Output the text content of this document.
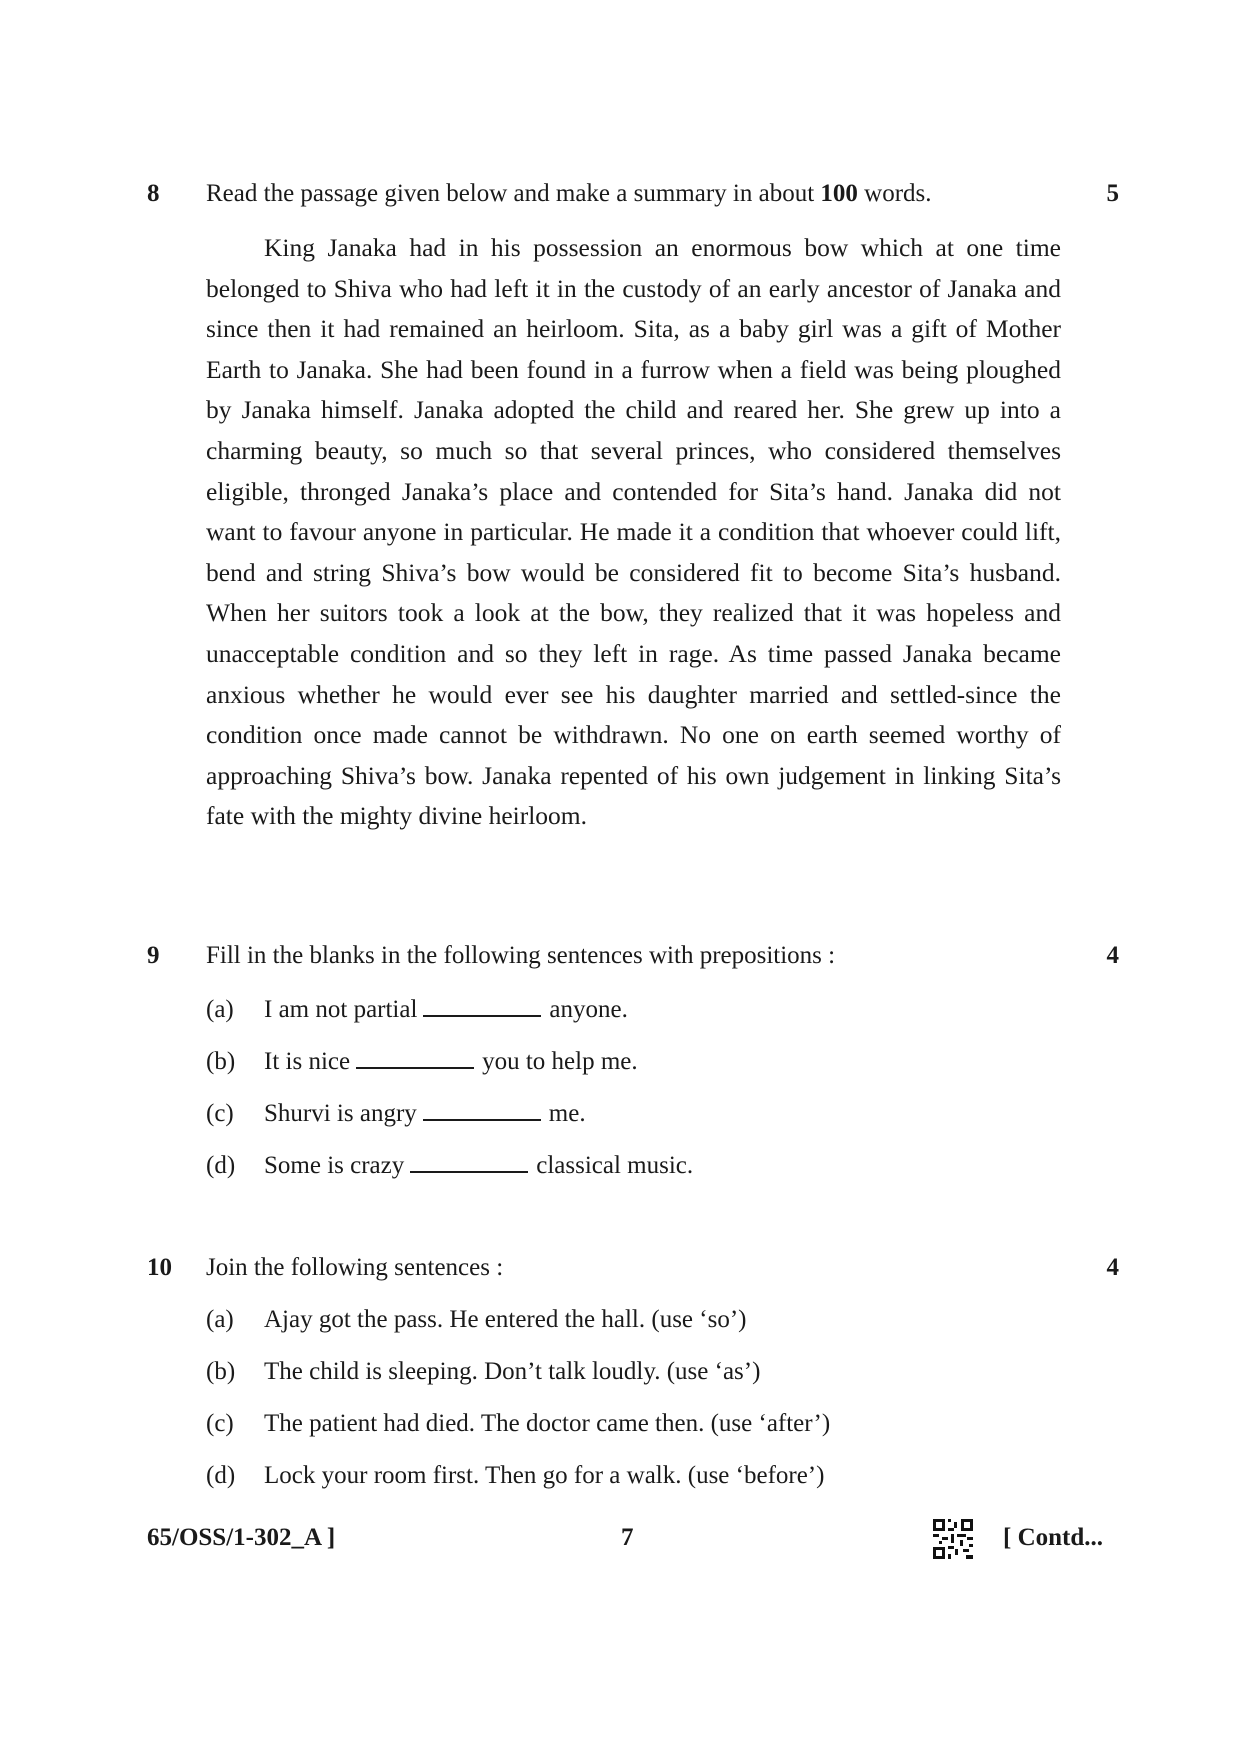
8 Read the passage given below and make a summary in about 100 words.	5
King Janaka had in his possession an enormous bow which at one time belonged to Shiva who had left it in the custody of an early ancestor of Janaka and since then it had remained an heirloom. Sita, as a baby girl was a gift of Mother Earth to Janaka. She had been found in a furrow when a field was being ploughed by Janaka himself. Janaka adopted the child and reared her. She grew up into a charming beauty, so much so that several princes, who considered themselves eligible, thronged Janaka’s place and contended for Sita’s hand. Janaka did not want to favour anyone in particular. He made it a condition that whoever could lift, bend and string Shiva’s bow would be considered fit to become Sita’s husband. When her suitors took a look at the bow, they realized that it was hopeless and unacceptable condition and so they left in rage. As time passed Janaka became anxious whether he would ever see his daughter married and settled-since the condition once made cannot be withdrawn. No one on earth seemed worthy of approaching Shiva’s bow. Janaka repented of his own judgement in linking Sita’s fate with the mighty divine heirloom.
9 Fill in the blanks in the following sentences with prepositions :	4
(a) I am not partial	anyone.
(b) It is nice	you to help me.
(c) Shurvi is angry	me.
(d) Some is crazy	classical music.
10 Join the following sentences :	4
(a) Ajay got the pass. He entered the hall. (use ‘so’)
(b) The child is sleeping. Don’t talk loudly. (use ‘as’)
(c) The patient had died. The doctor came then. (use ‘after’)
(d) Lock your room first. Then go for a walk. (use ‘before’)
65/OSS/1-302_A ]	7	[ Contd...
